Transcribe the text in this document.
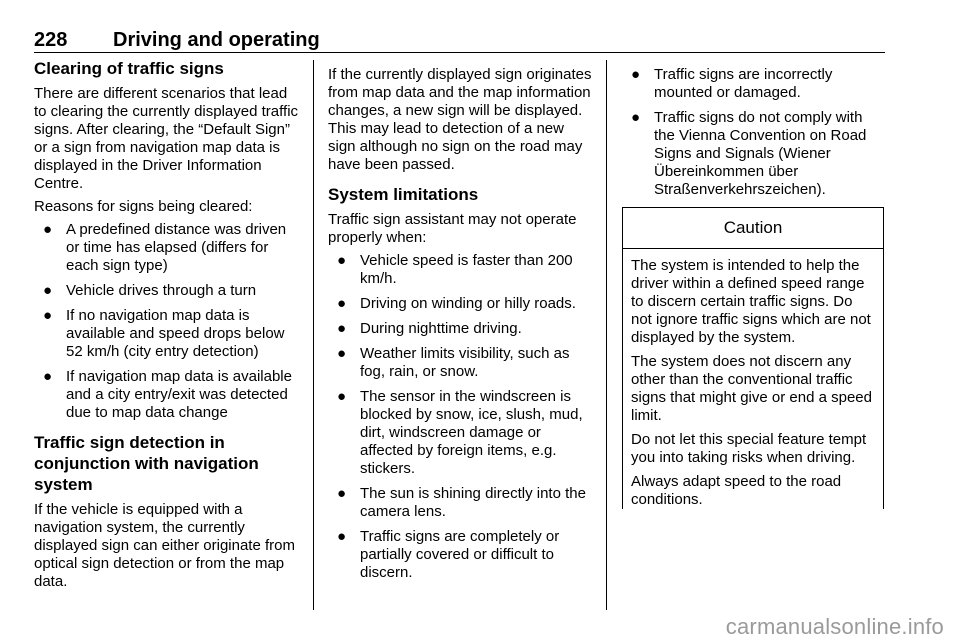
228 Driving and operating
Clearing of traffic signs

There are different scenarios that lead to clearing the currently displayed traffic signs. After clearing, the “Default Sign” or a sign from navigation map data is displayed in the Driver Information Centre.

Reasons for signs being cleared:

● A predefined distance was driven or time has elapsed (differs for each sign type)
● Vehicle drives through a turn
● If no navigation map data is available and speed drops below 52 km/h (city entry detection)
● If navigation map data is available and a city entry/exit was detected due to map data change
Traffic sign detection in conjunction with navigation system

If the vehicle is equipped with a navigation system, the currently displayed sign can either originate from optical sign detection or from the map data.

If the currently displayed sign originates from map data and the map information changes, a new sign will be displayed. This may lead to detection of a new sign although no sign on the road may have been passed.

System limitations

Traffic sign assistant may not operate properly when:

● Vehicle speed is faster than 200 km/h.
● Driving on winding or hilly roads.
● During nighttime driving.
● Weather limits visibility, such as fog, rain, or snow.
● The sensor in the windscreen is blocked by snow, ice, slush, mud, dirt, windscreen damage or affected by foreign items, e.g. stickers.
● The sun is shining directly into the camera lens.
● Traffic signs are completely or partially covered or difficult to discern.
● Traffic signs are incorrectly mounted or damaged.
● Traffic signs do not comply with the Vienna Convention on Road Signs and Signals (Wiener Übereinkommen über Straßenverkehrszeichen).
Caution

The system is intended to help the driver within a defined speed range to discern certain traffic signs. Do not ignore traffic signs which are not displayed by the system.

The system does not discern any other than the conventional traffic signs that might give or end a speed limit.

Do not let this special feature tempt you into taking risks when driving.

Always adapt speed to the road conditions.

carmanualsonline.info
